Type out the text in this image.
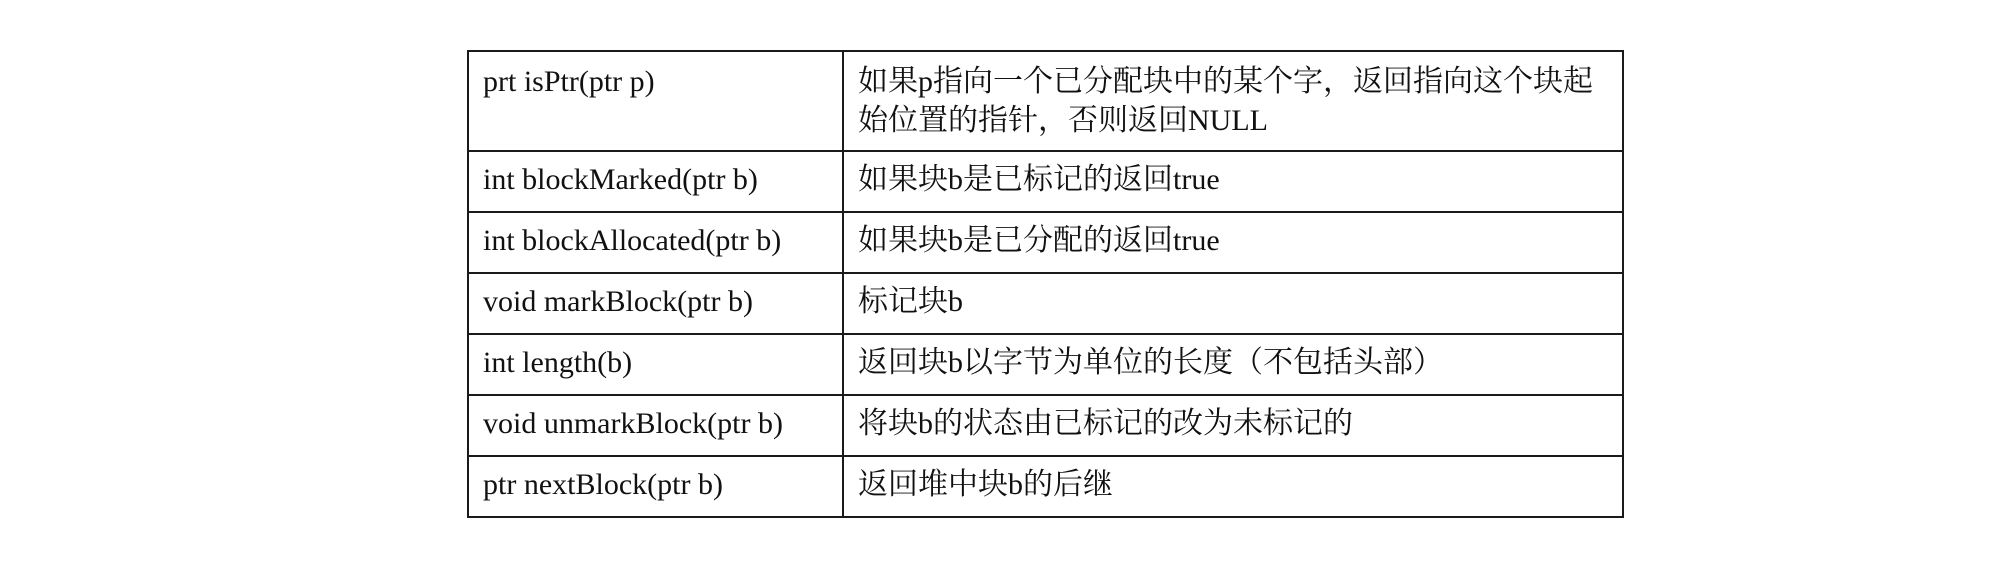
prt isPtr(ptr p)	如果p指向一个已分配块中的某个字，返回指向这个块起始位置的指针，否则返回NULL
int blockMarked(ptr b)	如果块b是已标记的返回true
int blockAllocated(ptr b)	如果块b是已分配的返回true
void markBlock(ptr b)	标记块b
int length(b)	返回块b以字节为单位的长度（不包括头部）
void unmarkBlock(ptr b)	将块b的状态由已标记的改为未标记的
ptr nextBlock(ptr b)	返回堆中块b的后继
